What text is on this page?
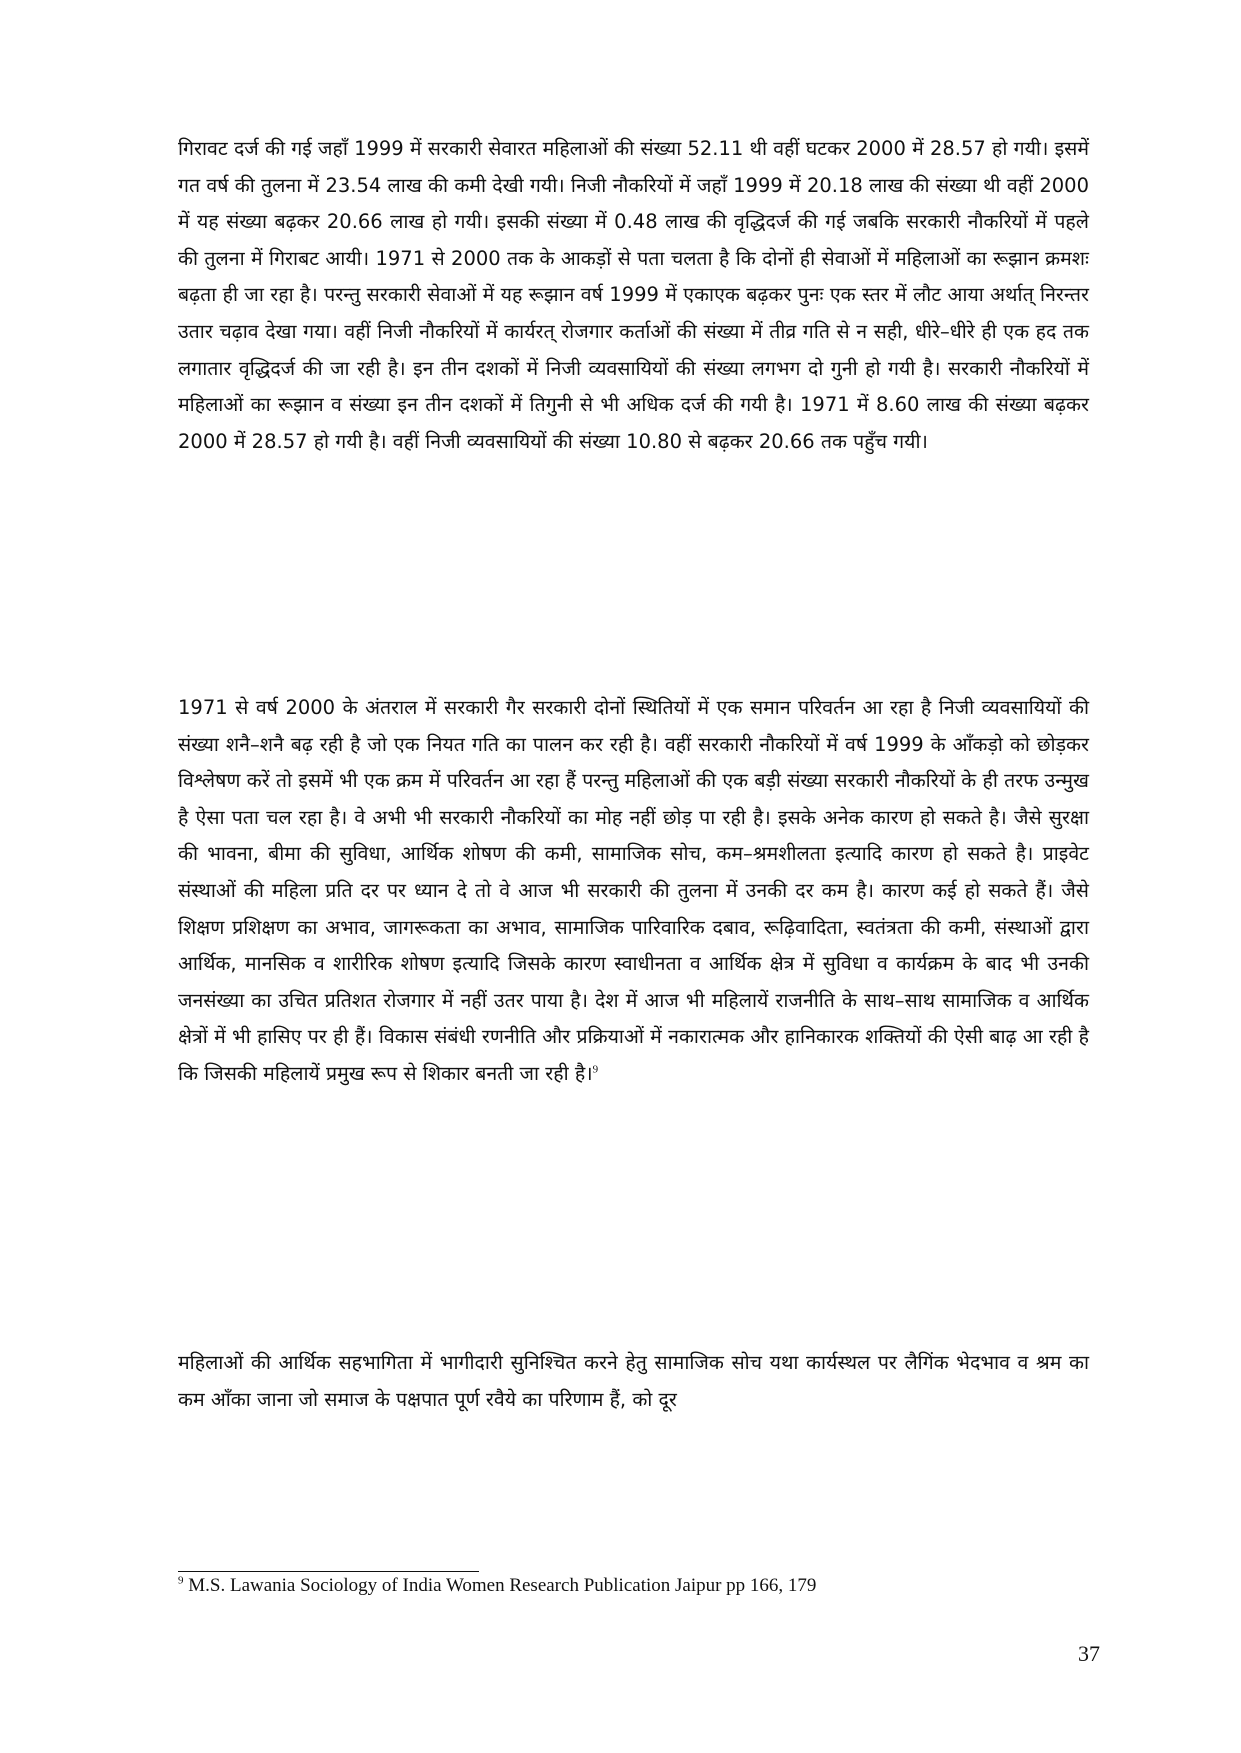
गिरावट दर्ज की गई जहाँ 1999 में सरकारी सेवारत महिलाओं की संख्या 52.11 थी वहीं घटकर 2000 में 28.57 हो गयी। इसमें गत वर्ष की तुलना में 23.54 लाख की कमी देखी गयी। निजी नौकरियों में जहाँ 1999 में 20.18 लाख की संख्या थी वहीं 2000 में यह संख्या बढ़कर 20.66 लाख हो गयी। इसकी संख्या में 0.48 लाख की वृद्धिदर्ज की गई जबकि सरकारी नौकरियों में पहले की तुलना में गिराबट आयी। 1971 से 2000 तक के आकड़ों से पता चलता है कि दोनों ही सेवाओं में महिलाओं का रूझान क्रमशः बढ़ता ही जा रहा है। परन्तु सरकारी सेवाओं में यह रूझान वर्ष 1999 में एकाएक बढ़कर पुनः एक स्तर में लौट आया अर्थात् निरन्तर उतार चढ़ाव देखा गया। वहीं निजी नौकरियों में कार्यरत् रोजगार कर्ताओं की संख्या में तीव्र गति से न सही, धीरे–धीरे ही एक हद तक लगातार वृद्धिदर्ज की जा रही है। इन तीन दशकों में निजी व्यवसायियों की संख्या लगभग दो गुनी हो गयी है। सरकारी नौकरियों में महिलाओं का रूझान व संख्या इन तीन दशकों में तिगुनी से भी अधिक दर्ज की गयी है। 1971 में 8.60 लाख की संख्या बढ़कर 2000 में 28.57 हो गयी है। वहीं निजी व्यवसायियों की संख्या 10.80 से बढ़कर 20.66 तक पहुँच गयी।

1971 से वर्ष 2000 के अंतराल में सरकारी गैर सरकारी दोनों स्थितियों में एक समान परिवर्तन आ रहा है निजी व्यवसायियों की संख्या शनै–शनै बढ़ रही है जो एक नियत गति का पालन कर रही है। वहीं सरकारी नौकरियों में वर्ष 1999 के आँकड़ो को छोड़कर विश्लेषण करें तो इसमें भी एक क्रम में परिवर्तन आ रहा हैं परन्तु महिलाओं की एक बड़ी संख्या सरकारी नौकरियों के ही तरफ उन्मुख है ऐसा पता चल रहा है। वे अभी भी सरकारी नौकरियों का मोह नहीं छोड़ पा रही है। इसके अनेक कारण हो सकते है। जैसे सुरक्षा की भावना, बीमा की सुविधा, आर्थिक शोषण की कमी, सामाजिक सोच, कम–श्रमशीलता इत्यादि कारण हो सकते है। प्राइवेट संस्थाओं की महिला प्रति दर पर ध्यान दे तो वे आज भी सरकारी की तुलना में उनकी दर कम है। कारण कई हो सकते हैं। जैसे शिक्षण प्रशिक्षण का अभाव, जागरूकता का अभाव, सामाजिक पारिवारिक दबाव, रूढ़िवादिता, स्वतंत्रता की कमी, संस्थाओं द्वारा आर्थिक, मानसिक व शारीरिक शोषण इत्यादि जिसके कारण स्वाधीनता व आर्थिक क्षेत्र में सुविधा व कार्यक्रम के बाद भी उनकी जनसंख्या का उचित प्रतिशत रोजगार में नहीं उतर पाया है। देश में आज भी महिलायें राजनीति के साथ–साथ सामाजिक व आर्थिक क्षेत्रों में भी हासिए पर ही हैं। विकास संबंधी रणनीति और प्रक्रियाओं में नकारात्मक और हानिकारक शक्तियों की ऐसी बाढ़ आ रही है कि जिसकी महिलायें प्रमुख रूप से शिकार बनती जा रही है।$^9$

महिलाओं की आर्थिक सहभागिता में भागीदारी सुनिश्चित करने हेतु सामाजिक सोच यथा कार्यस्थल पर लैगिंक भेदभाव व श्रम का कम आँका जाना जो समाज के पक्षपात पूर्ण रवैये का परिणाम हैं, को दूर

$^9$ M.S. Lawania Sociology of India Women Research Publication Jaipur pp 166, 179

37
